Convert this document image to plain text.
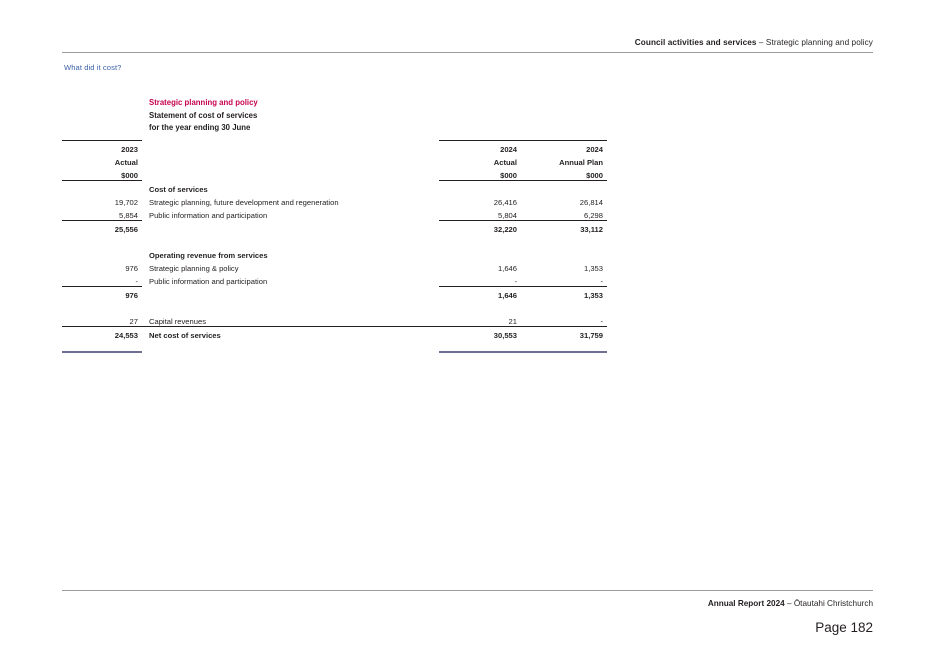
Council activities and services – Strategic planning and policy
What did it cost?
Strategic planning and policy
Statement of cost of services
for the year ending 30 June
2023		2024	2024
Actual		Actual	Annual Plan
$000		$000	$000
	Cost of services		
19,702	Strategic planning, future development and regeneration	26,416	26,814
5,854	Public information and participation	5,804	6,298
25,556		32,220	33,112

	Operating revenue from services		
976	Strategic planning & policy	1,646	1,353
-	Public information and participation	-	-
976		1,646	1,353

27	Capital revenues	21	-
24,553	Net cost of services	30,553	31,759

Annual Report 2024 – Ōtautahi Christchurch
Page 182
